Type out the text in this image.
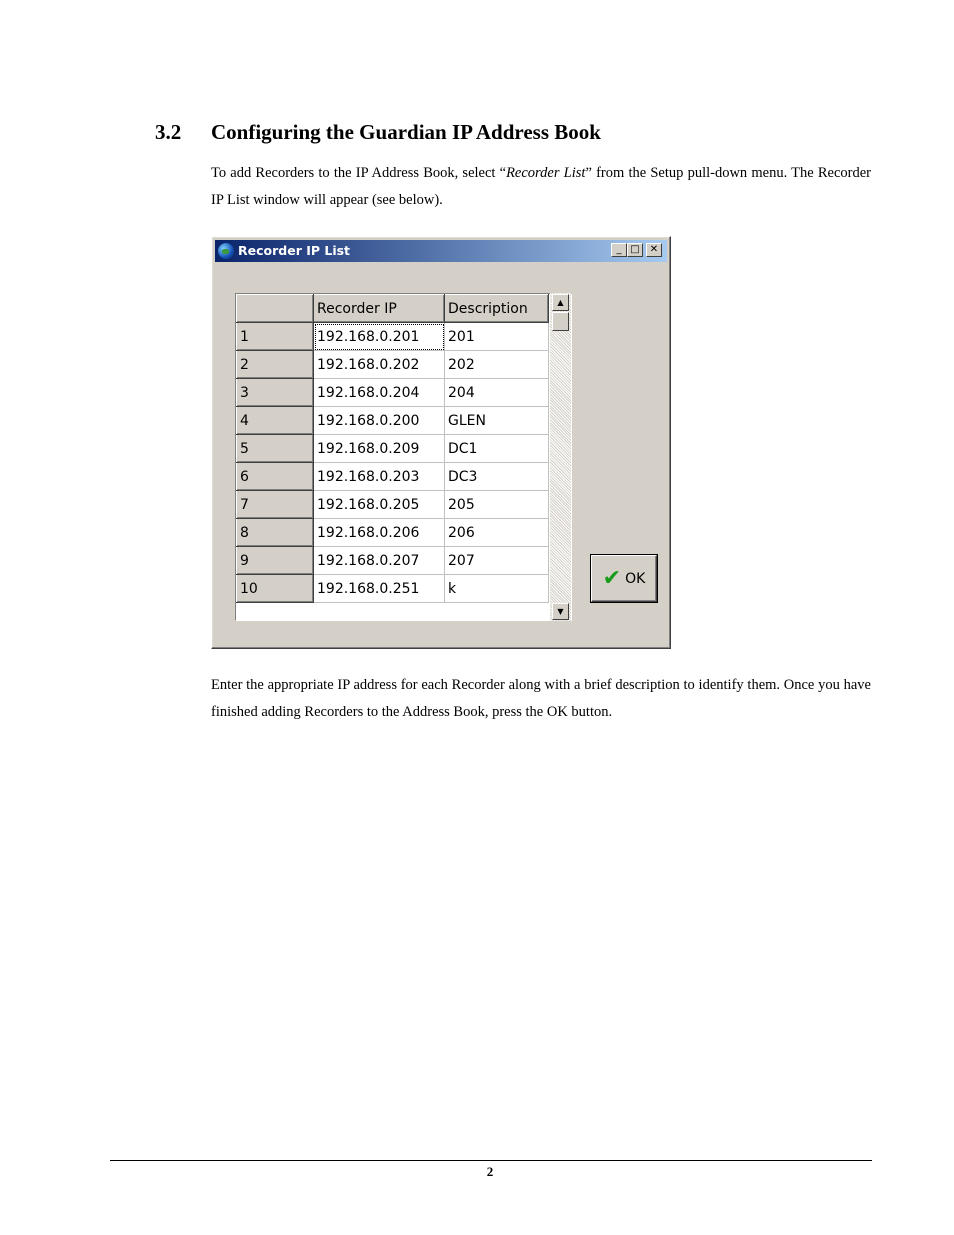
3.2 Configuring the Guardian IP Address Book
To add Recorders to the IP Address Book, select “Recorder List” from the Setup pull-down menu. The Recorder IP List window will appear (see below).
Recorder IP List	_ □	✕
	Recorder IP	Description
1	192.168.0.201	201
2	192.168.0.202	202
3	192.168.0.204	204
4	192.168.0.200	GLEN
5	192.168.0.209	DC1
6	192.168.0.203	DC3
7	192.168.0.205	205
8	192.168.0.206	206
9	192.168.0.207	207
10	192.168.0.251	k
▲
▼
✔ OK
Enter the appropriate IP address for each Recorder along with a brief description to identify them. Once you have finished adding Recorders to the Address Book, press the OK button.
2
